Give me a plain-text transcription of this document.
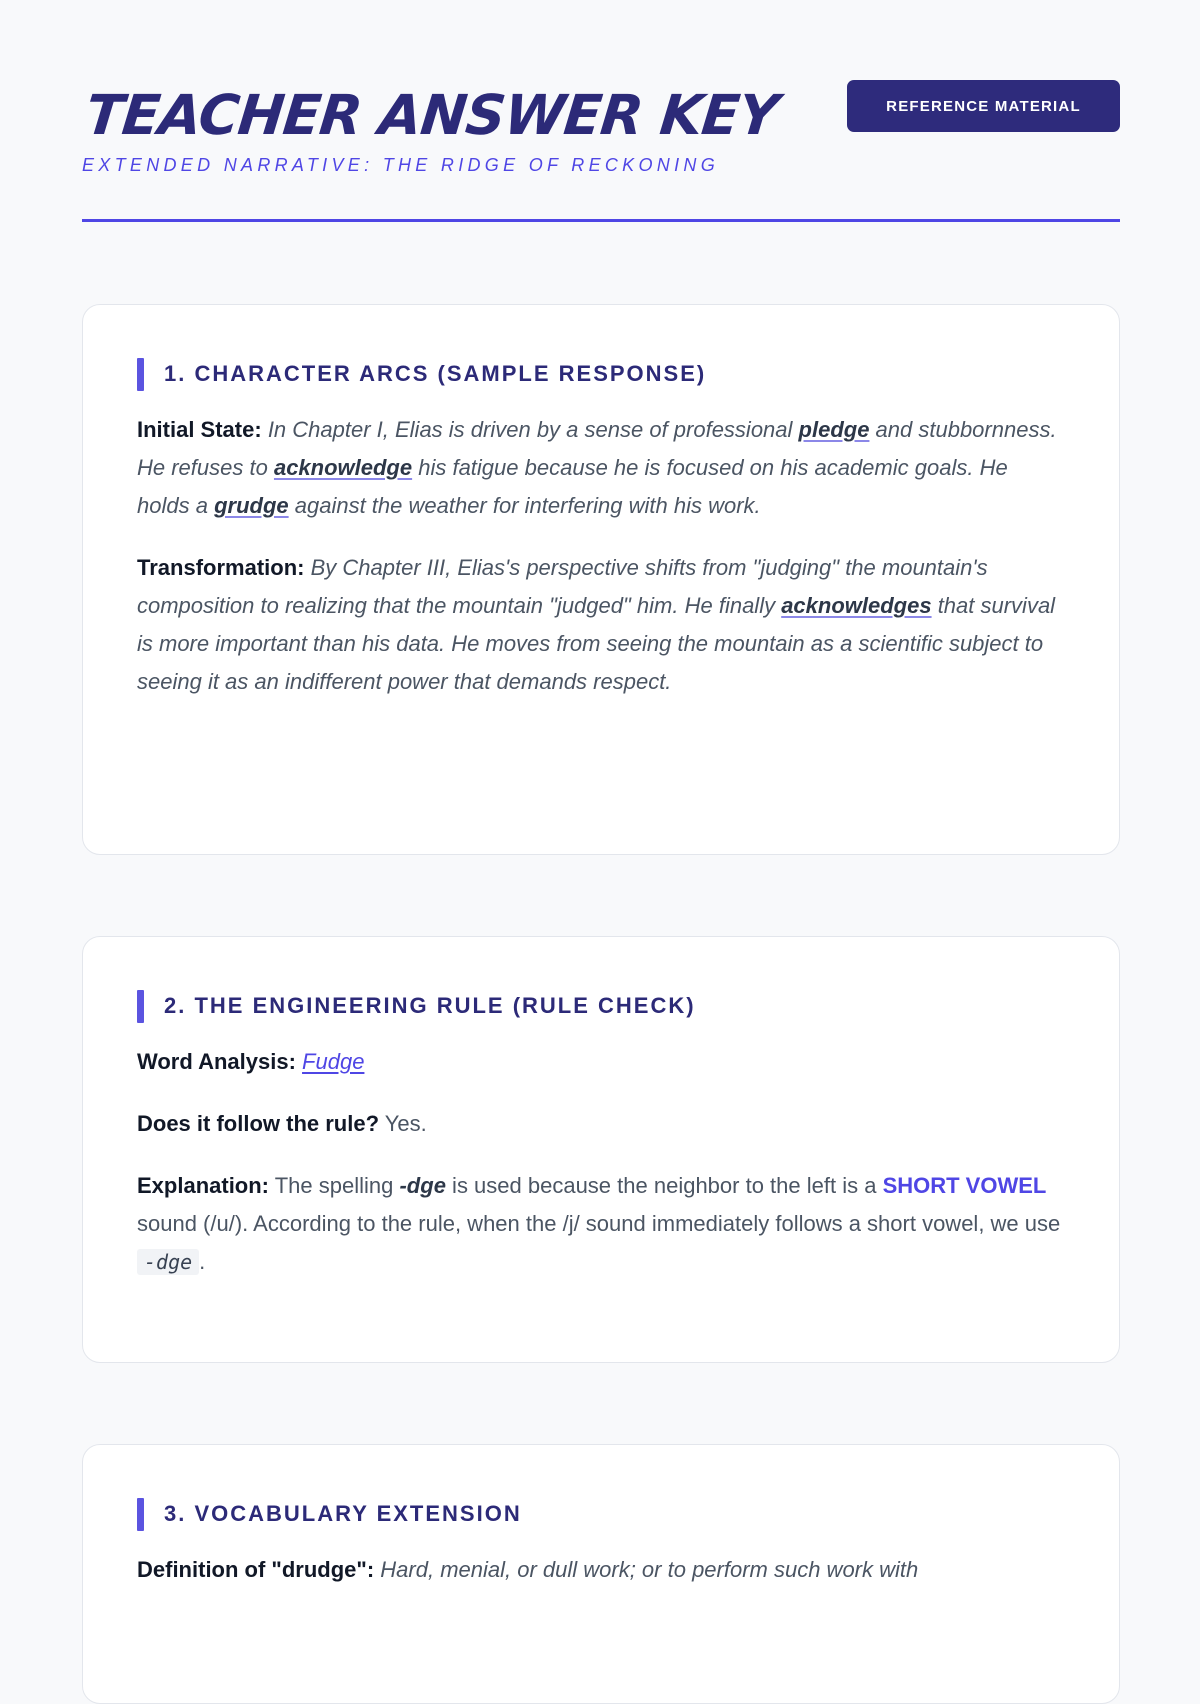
TEACHER ANSWER KEY	REFERENCE MATERIAL
EXTENDED NARRATIVE: THE RIDGE OF RECKONING
1. CHARACTER ARCS (SAMPLE RESPONSE)

Initial State: In Chapter I, Elias is driven by a sense of professional pledge and stubbornness. He refuses to acknowledge his fatigue because he is focused on his academic goals. He holds a grudge against the weather for interfering with his work.

Transformation: By Chapter III, Elias's perspective shifts from "judging" the mountain's composition to realizing that the mountain "judged" him. He finally acknowledges that survival is more important than his data. He moves from seeing the mountain as a scientific subject to seeing it as an indifferent power that demands respect.

2. THE ENGINEERING RULE (RULE CHECK)

Word Analysis: Fudge

Does it follow the rule? Yes.

Explanation: The spelling -dge is used because the neighbor to the left is a SHORT VOWEL sound (/u/). According to the rule, when the /j/ sound immediately follows a short vowel, we use -dge .

3. VOCABULARY EXTENSION

Definition of "drudge": Hard, menial, or dull work; or to perform such work with
